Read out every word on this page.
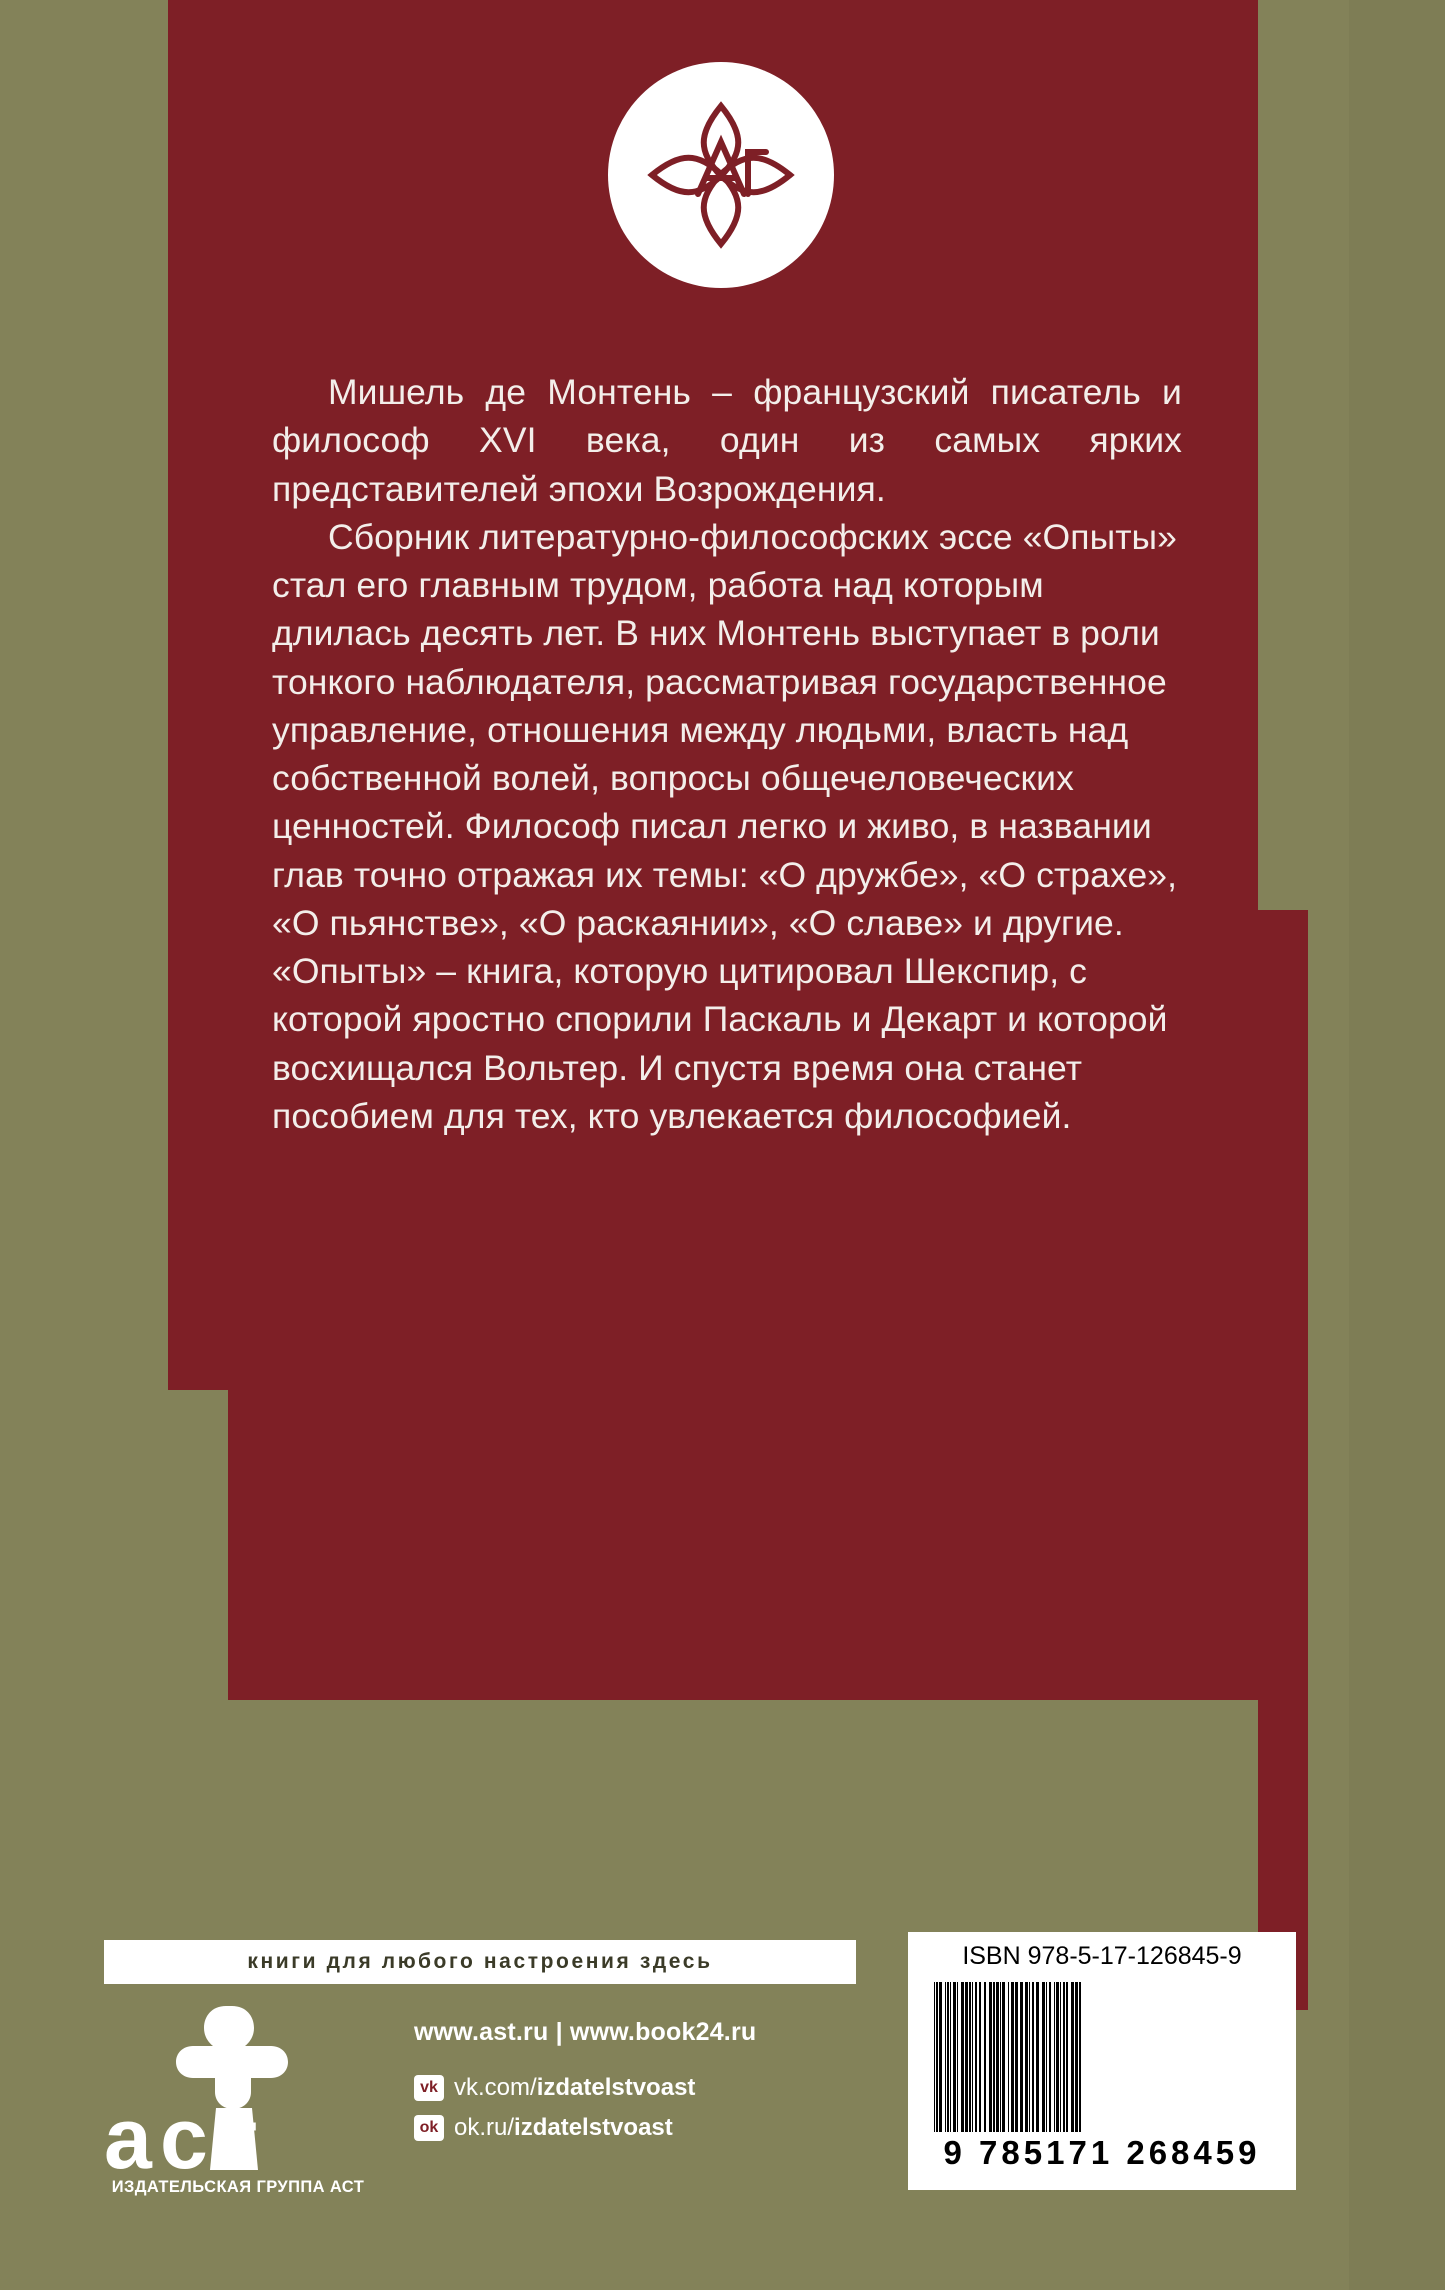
Мишель де Монтень – французский писатель и философ XVI века, один из самых ярких представителей эпохи Возрождения.

Сборник литературно-философских эссе «Опыты» стал его главным трудом, работа над которым длилась десять лет. В них Монтень выступает в роли тонкого наблюдателя, рассматривая государственное управление, отношения между людьми, власть над собственной волей, вопросы общечеловеческих ценностей. Философ писал легко и живо, в названии глав точно отражая их темы: «О дружбе», «О страхе», «О пьянстве», «О раскаянии», «О славе» и другие. «Опыты» – книга, которую цитировал Шекспир, с которой яростно спорили Паскаль и Декарт и которой восхищался Вольтер. И спустя время она станет пособием для тех, кто увлекается философией.

книги для любого настроения здесь
a c т
ИЗДАТЕЛЬСКАЯ ГРУППА АСТ
www.ast.ru | www.book24.ru
vk vk.com/izdatelstvoast
ok ok.ru/izdatelstvoast
ISBN 978-5-17-126845-9
9 785171 268459
